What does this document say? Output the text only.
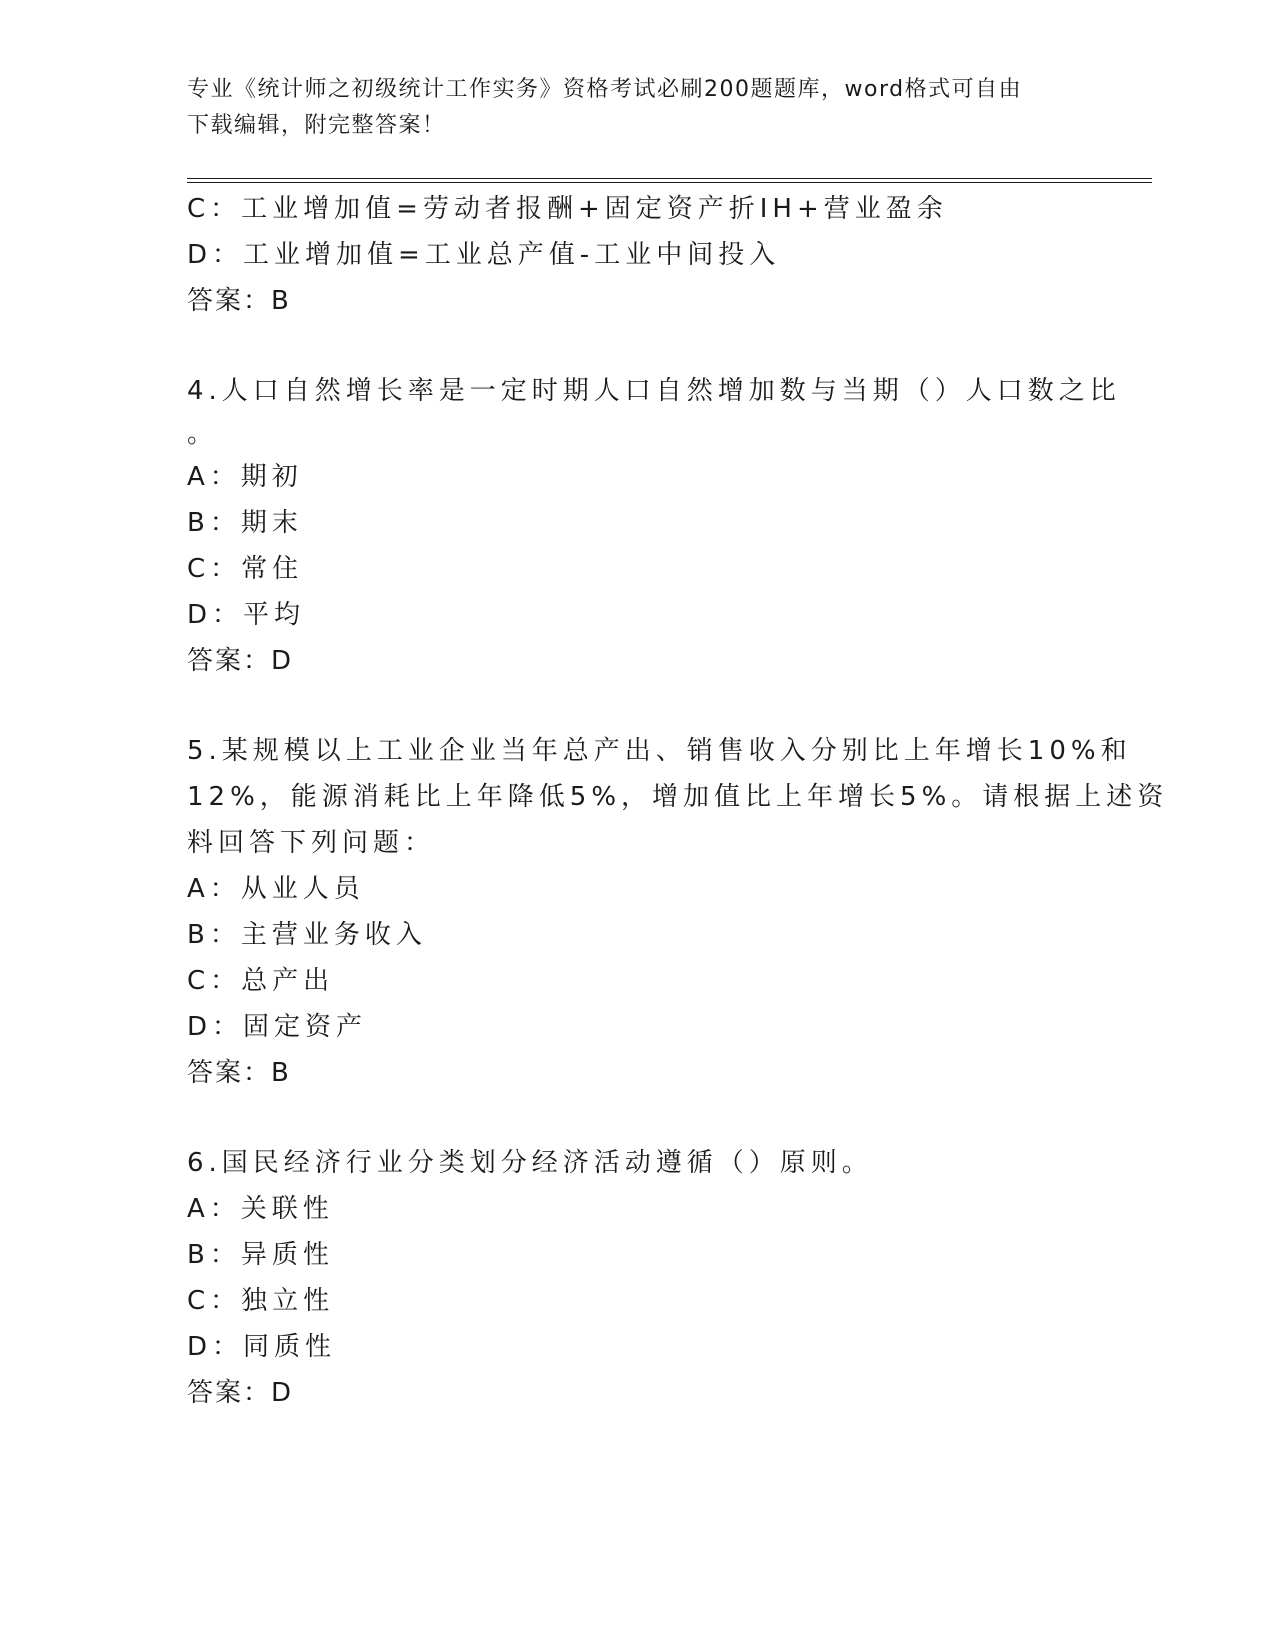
专业《统计师之初级统计工作实务》资格考试必刷200题题库，word格式可自由
下载编辑，附完整答案！
C：工业增加值=劳动者报酬+固定资产折IH+营业盈余
D：工业增加值=工业总产值-工业中间投入
答案：B
4.人口自然增长率是一定时期人口自然增加数与当期（）人口数之比
。
A：期初
B：期末
C：常住
D：平均
答案：D
5.某规模以上工业企业当年总产出、销售收入分别比上年增长10%和
12%，能源消耗比上年降低5%，增加值比上年增长5%。请根据上述资
料回答下列问题：
A：从业人员
B：主营业务收入
C：总产出
D：固定资产
答案：B
6.国民经济行业分类划分经济活动遵循（）原则。
A：关联性
B：异质性
C：独立性
D：同质性
答案：D
